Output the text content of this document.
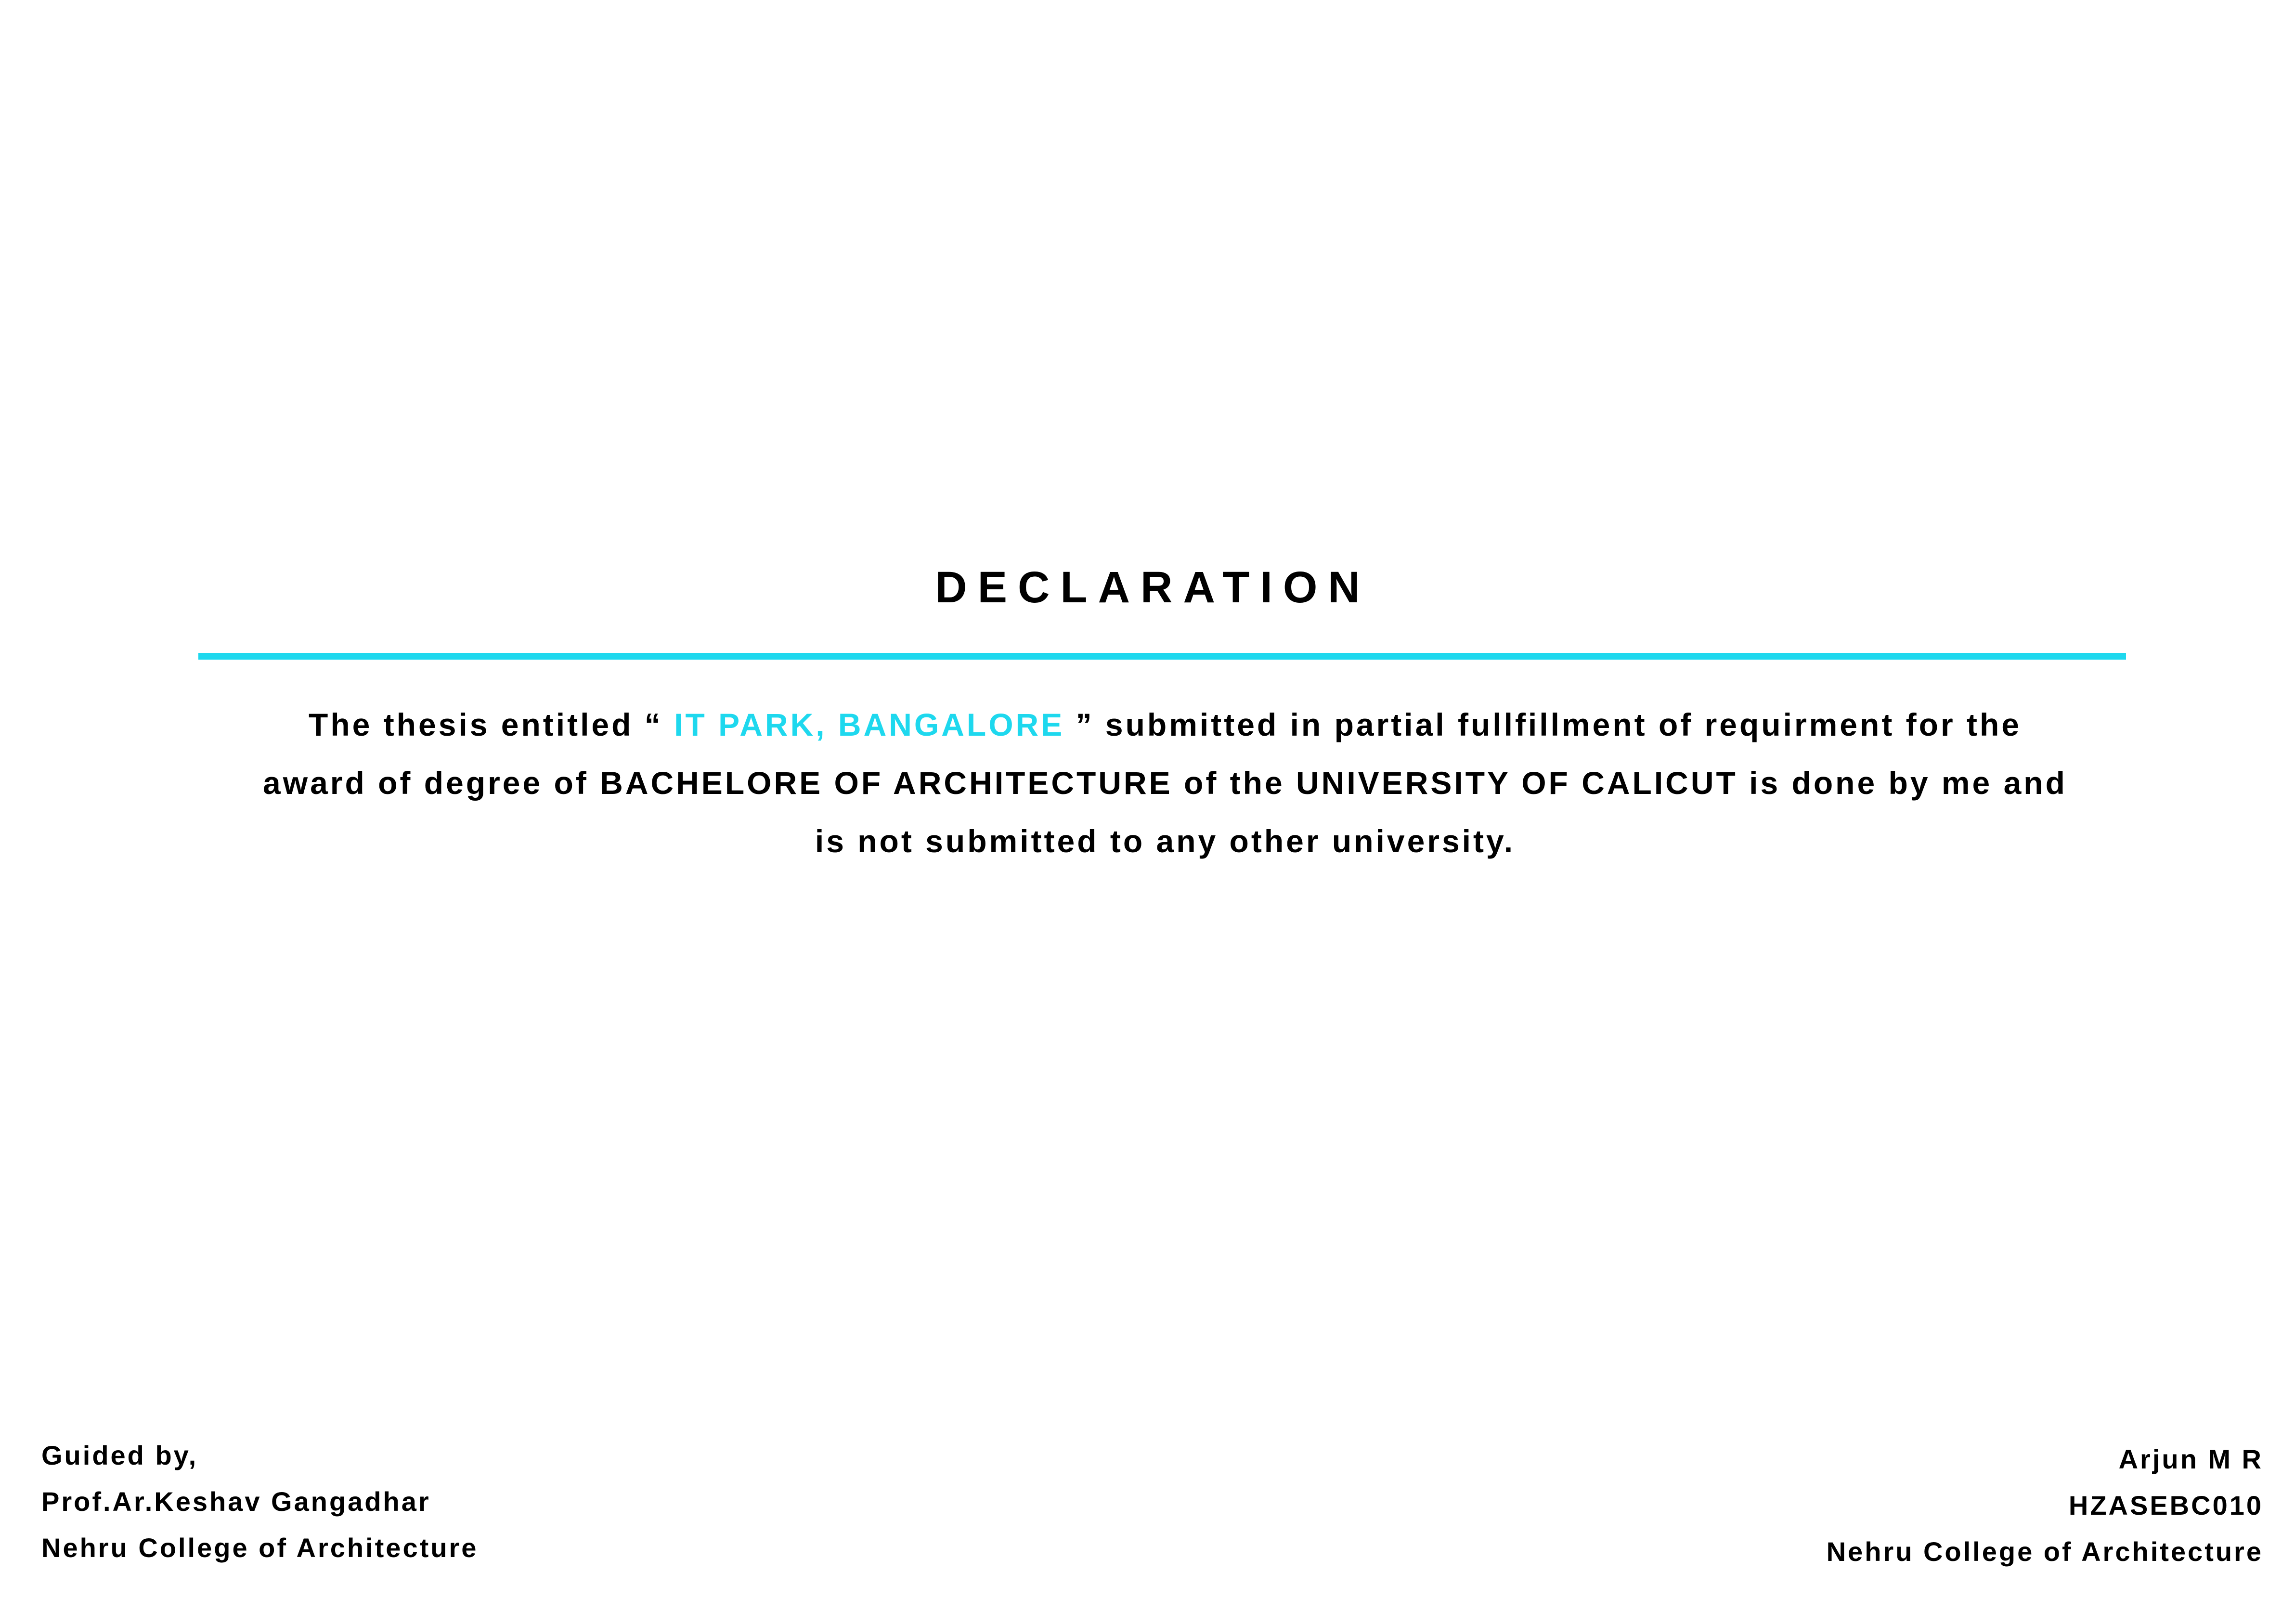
DECLARATION
The thesis entitled “ IT PARK, BANGALORE ” submitted in partial fullfillment of requirment for the
award of degree of BACHELORE OF ARCHITECTURE of the UNIVERSITY OF CALICUT is done by me and
is not submitted to any other university.
Guided by,
Prof.Ar.Keshav Gangadhar
Nehru College of Architecture
Arjun M R
HZASEBC010
Nehru College of Architecture
